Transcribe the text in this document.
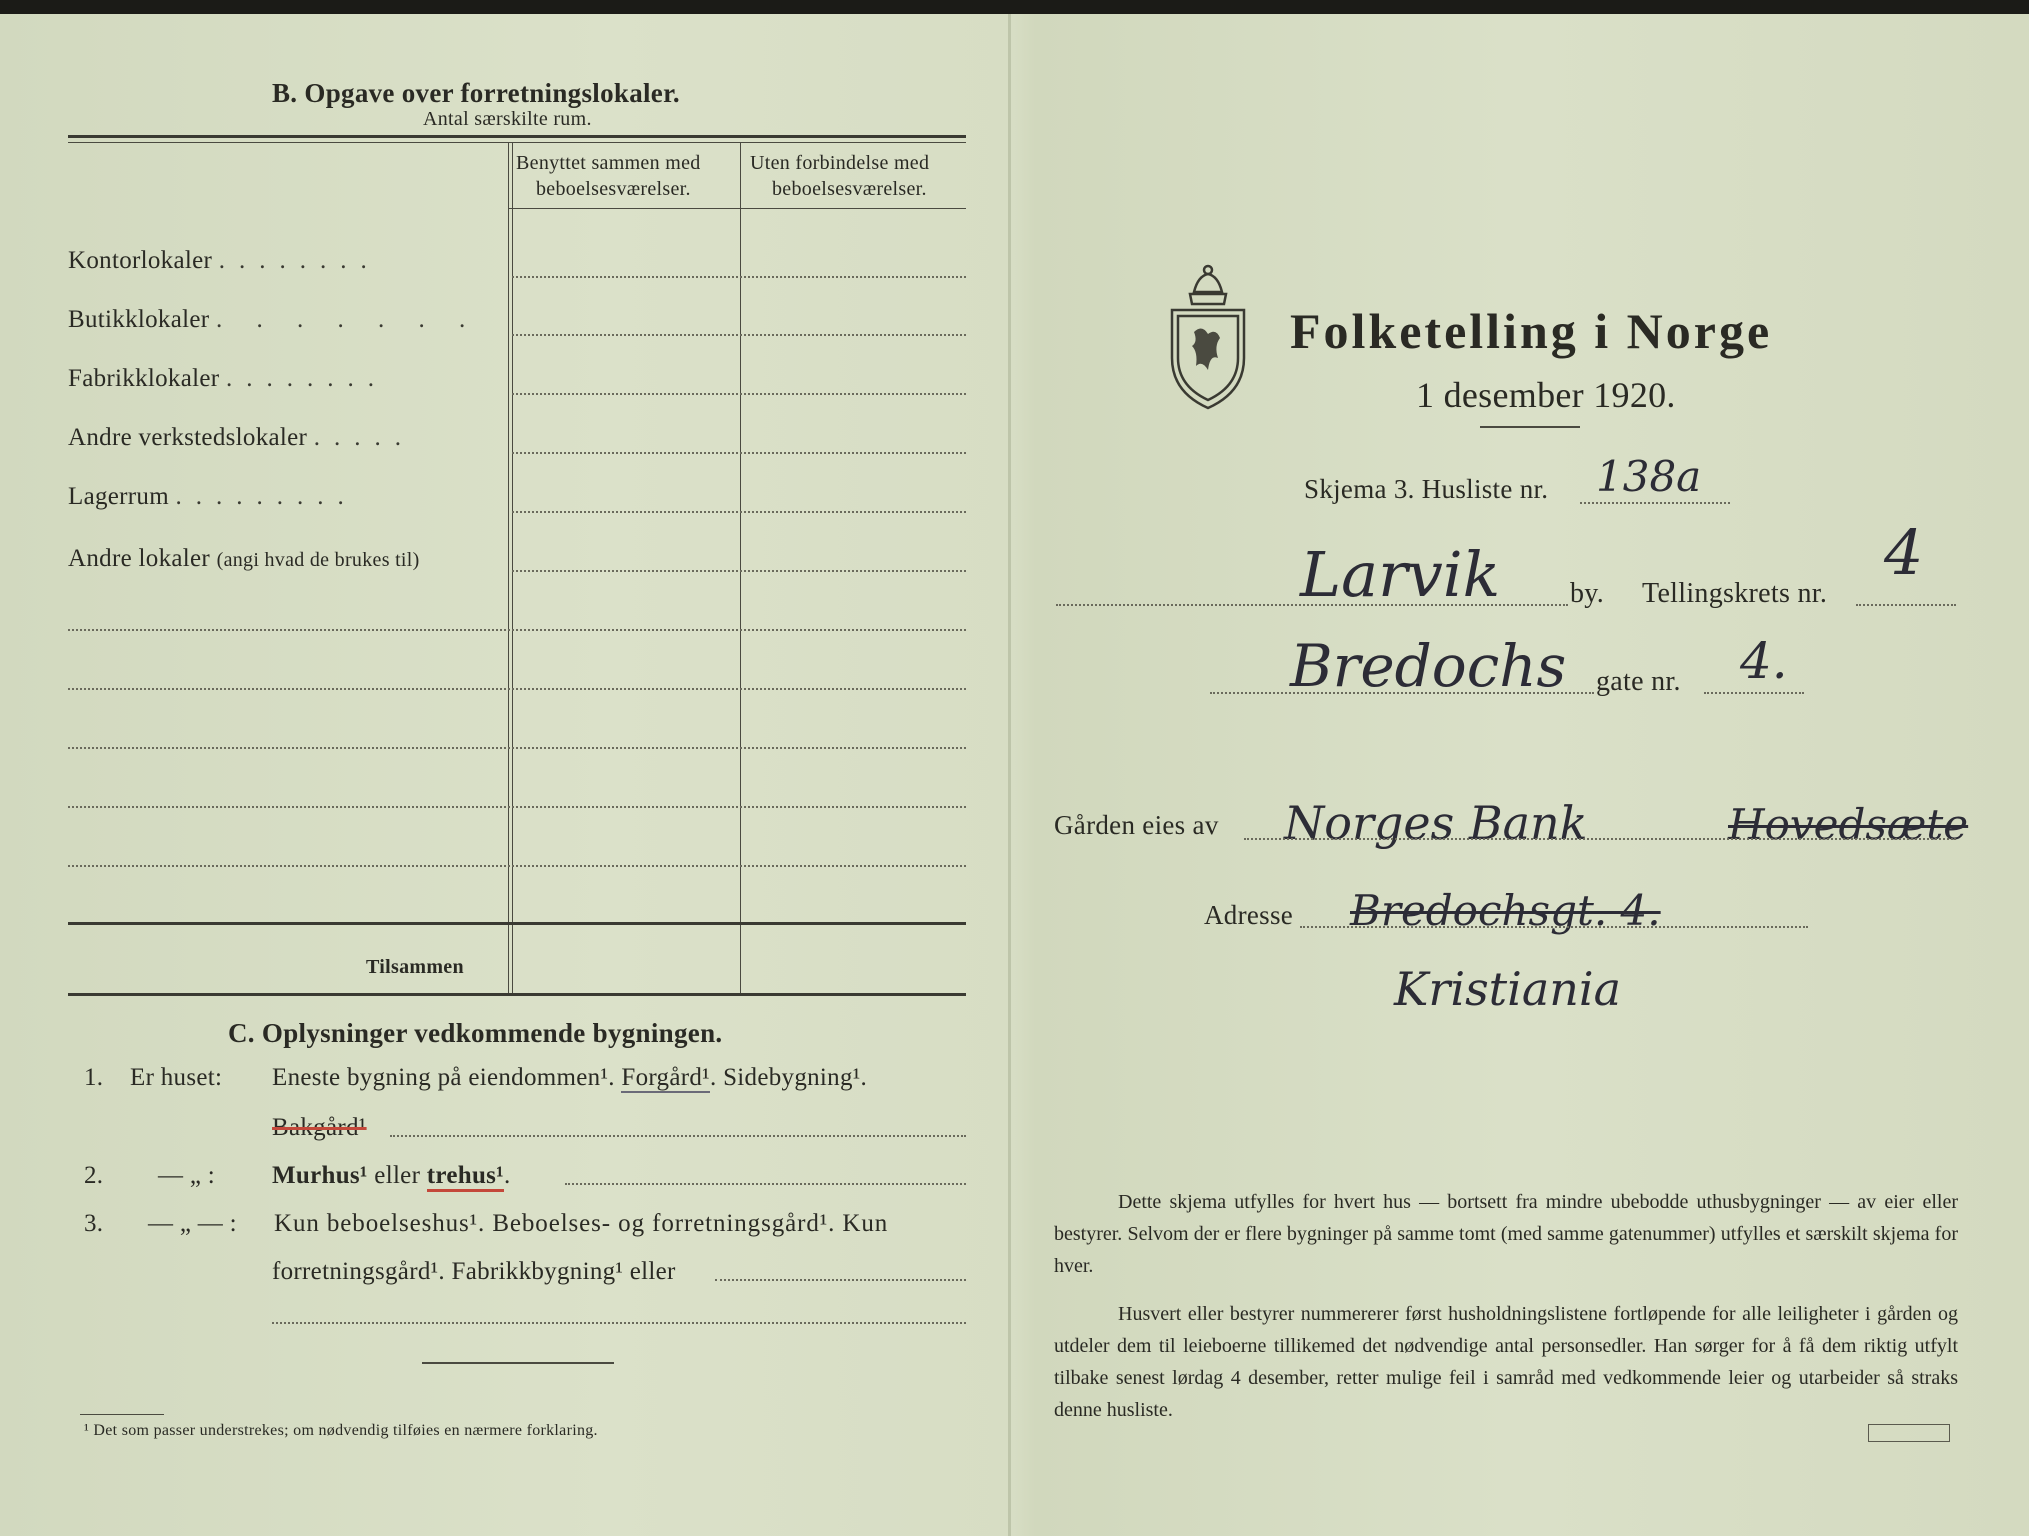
B. Opgave over forretningslokaler.
Antal særskilte rum.
Benyttet sammen med
beboelsesværelser.
Uten forbindelse med
beboelsesværelser.
Kontorlokaler ........
Butikklokaler . . . . . . .
Fabrikklokaler ........
Andre verkstedslokaler .....
Lagerrum .........
Andre lokaler (angi hvad de brukes til)
Tilsammen
C. Oplysninger vedkommende bygningen.
1. Er huset: Eneste bygning på eiendommen¹. Forgård¹. Sidebygning¹.
Bakgård¹
2. — „ : Murhus¹ eller trehus¹.
3. — „ — : Kun beboelseshus¹. Beboelses- og forretningsgård¹. Kun
forretningsgård¹. Fabrikkbygning¹ eller
¹ Det som passer understrekes; om nødvendig tilføies en nærmere forklaring.
Folketelling i Norge
1 desember 1920.
Skjema 3. Husliste nr. 138a
Larvik by. Tellingskrets nr.
4
Bredochs gate nr. 4.
Gården eies av Norges Bank	Hovedsæte
Adresse Bredochsgt. 4.
Kristiania
Dette skjema utfylles for hvert hus — bortsett fra mindre ubebodde uthusbygninger — av eier eller bestyrer. Selvom der er flere bygninger på samme tomt (med samme gatenummer) utfylles et særskilt skjema for hver.
Husvert eller bestyrer nummererer først husholdningslistene fortløpende for alle leiligheter i gården og utdeler dem til leieboerne tillikemed det nødvendige antal personsedler. Han sørger for å få dem riktig utfylt tilbake senest lørdag 4 desember, retter mulige feil i samråd med vedkommende leier og utarbeider så straks denne husliste.
